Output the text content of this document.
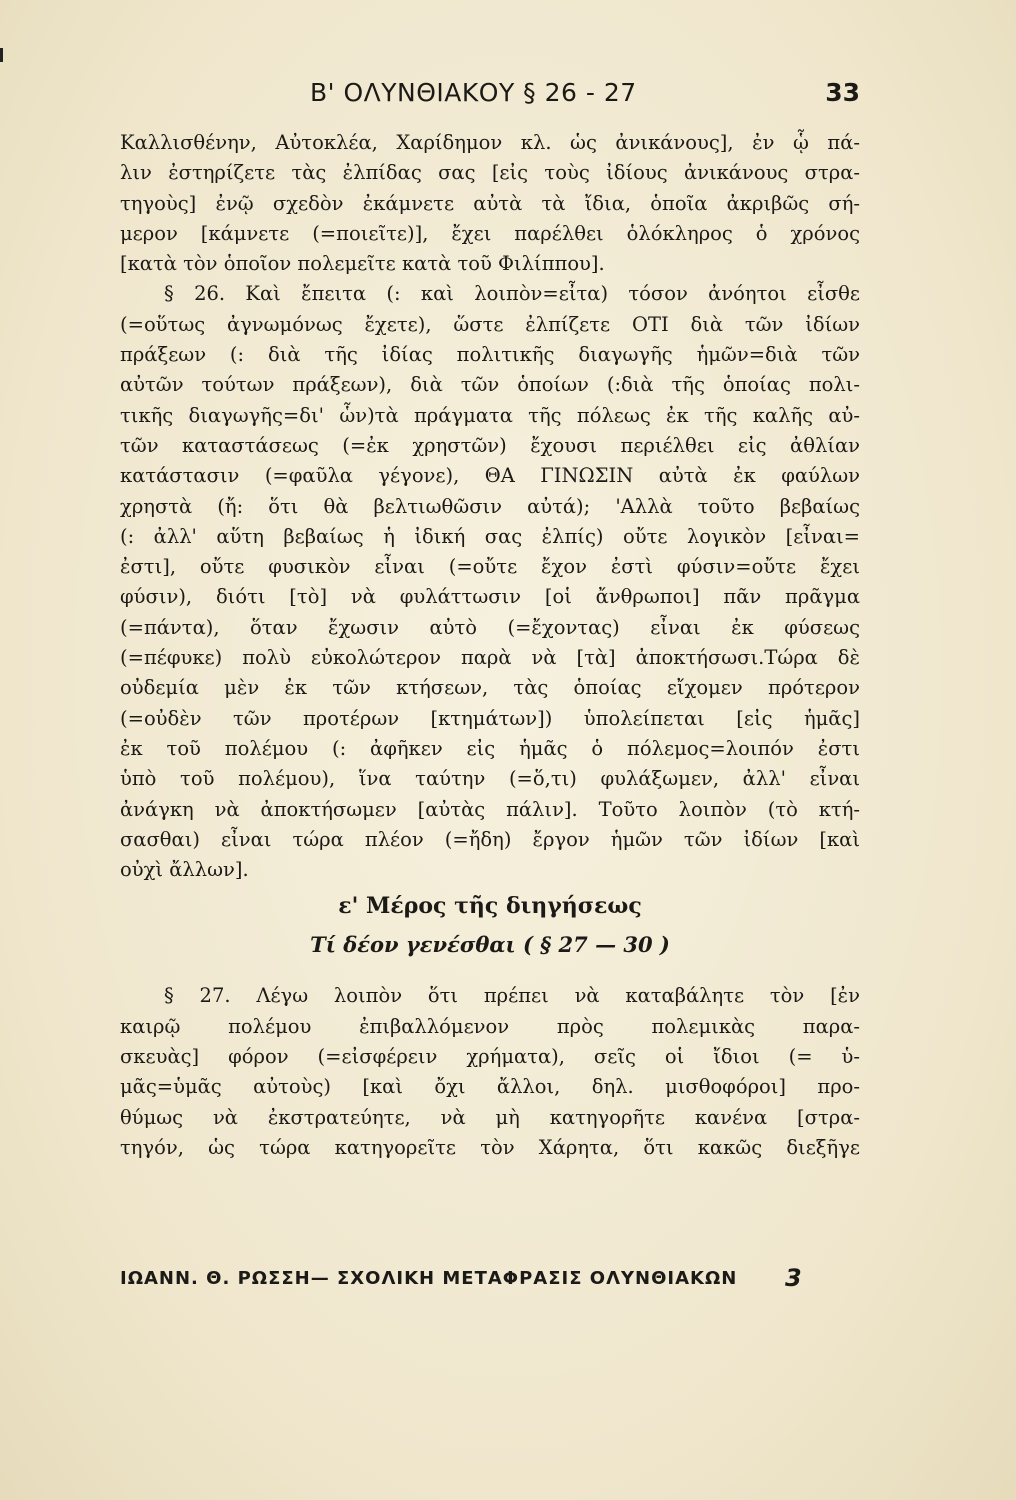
Β' ΟΛΥΝΘΙΑΚΟΥ § 26 - 27	33
Καλλισθένην, Αὐτοκλέα, Χαρίδημον κλ. ὡς ἀνικάνους], ἐν ᾧ πά-
λιν ἐστηρίζετε τὰς ἐλπίδας σας [εἰς τοὺς ἰδίους ἀνικάνους στρα-
τηγοὺς] ἐνῷ σχεδὸν ἐκάμνετε αὐτὰ τὰ ἴδια, ὁποῖα ἀκριβῶς σή-
μερον [κάμνετε (=ποιεῖτε)], ἔχει παρέλθει ὁλόκληρος ὁ χρόνος
[κατὰ τὸν ὁποῖον πολεμεῖτε κατὰ τοῦ Φιλίππου].
§ 26. Καὶ ἔπειτα (: καὶ λοιπὸν=εἶτα) τόσον ἀνόητοι εἶσθε
(=οὕτως ἀγνωμόνως ἔχετε), ὥστε ἐλπίζετε ΟΤΙ διὰ τῶν ἰδίων
πράξεων (: διὰ τῆς ἰδίας πολιτικῆς διαγωγῆς ἡμῶν=διὰ τῶν
αὐτῶν τούτων πράξεων), διὰ τῶν ὁποίων (:διὰ τῆς ὁποίας πολι-
τικῆς διαγωγῆς=δι' ὧν)τὰ πράγματα τῆς πόλεως ἐκ τῆς καλῆς αὐ-
τῶν καταστάσεως (=ἐκ χρηστῶν) ἔχουσι περιέλθει εἰς ἀθλίαν
κατάστασιν (=φαῦλα γέγονε), ΘΑ ΓΙΝΩΣΙΝ αὐτὰ ἐκ φαύλων
χρηστὰ (ἤ: ὅτι θὰ βελτιωθῶσιν αὐτά); 'Αλλὰ τοῦτο βεβαίως
(: ἀλλ' αὕτη βεβαίως ἡ ἰδική σας ἐλπίς) οὔτε λογικὸν [εἶναι=
ἐστι], οὔτε φυσικὸν εἶναι (=οὔτε ἔχον ἐστὶ φύσιν=οὔτε ἔχει
φύσιν), διότι [τὸ] νὰ φυλάττωσιν [οἱ ἄνθρωποι] πᾶν πρᾶγμα
(=πάντα), ὅταν ἔχωσιν αὐτὸ (=ἔχοντας) εἶναι ἐκ φύσεως
(=πέφυκε) πολὺ εὐκολώτερον παρὰ νὰ [τὰ] ἀποκτήσωσι.Τώρα δὲ
οὐδεμία μὲν ἐκ τῶν κτήσεων, τὰς ὁποίας εἴχομεν πρότερον
(=οὐδὲν τῶν προτέρων [κτημάτων]) ὑπολείπεται [εἰς ἡμᾶς]
ἐκ τοῦ πολέμου (: ἀφῆκεν εἰς ἡμᾶς ὁ πόλεμος=λοιπόν ἐστι
ὑπὸ τοῦ πολέμου), ἵνα ταύτην (=ὅ,τι) φυλάξωμεν, ἀλλ' εἶναι
ἀνάγκη νὰ ἀποκτήσωμεν [αὐτὰς πάλιν]. Τοῦτο λοιπὸν (τὸ κτή-
σασθαι) εἶναι τώρα πλέον (=ἤδη) ἔργον ἡμῶν τῶν ἰδίων [καὶ
οὐχὶ ἄλλων].
ε' Μέρος τῆς διηγήσεως
Τί δέον γενέσθαι ( § 27 — 30 )
§ 27. Λέγω λοιπὸν ὅτι πρέπει νὰ καταβάλητε τὸν [ἐν
καιρῷ πολέμου ἐπιβαλλόμενον πρὸς πολεμικὰς παρα-
σκευὰς] φόρον (=εἰσφέρειν χρήματα), σεῖς οἱ ἴδιοι (= ὑ-
μᾶς=ὑμᾶς αὐτοὺς) [καὶ ὄχι ἄλλοι, δηλ. μισθοφόροι] προ-
θύμως νὰ ἐκστρατεύητε, νὰ μὴ κατηγορῆτε κανένα [στρα-
τηγόν, ὡς τώρα κατηγορεῖτε τὸν Χάρητα, ὅτι κακῶς διεξῆγε
ΙΩΑΝΝ. Θ. ΡΩΣΣΗ— ΣΧΟΛΙΚΗ ΜΕΤΑΦΡΑΣΙΣ ΟΛΥΝΘΙΑΚΩΝ 3
